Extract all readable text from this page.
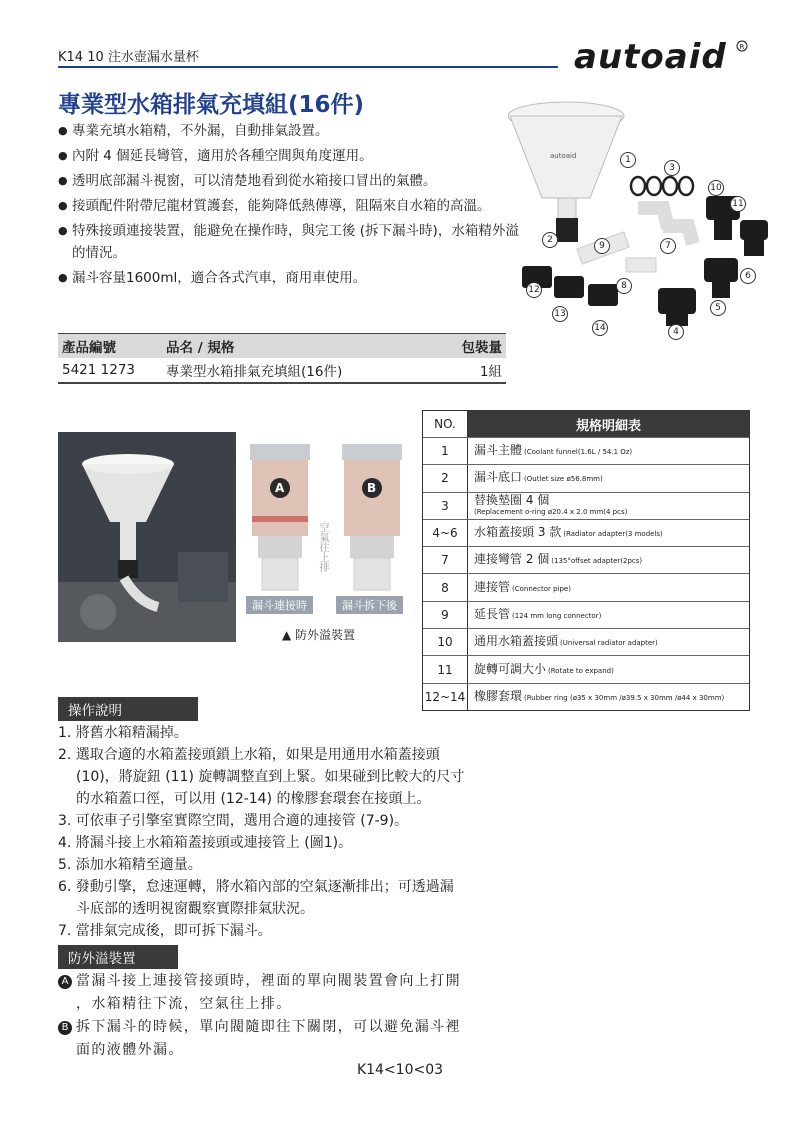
K14 10 注水壺漏水量杯	autoaid R
專業型水箱排氣充填組(16件)
● 專業充填水箱精，不外漏，自動排氣設置。
● 內附 4 個延長彎管，適用於各種空間與角度運用。
● 透明底部漏斗視窗，可以清楚地看到從水箱接口冒出的氣體。
● 接頭配件附帶尼龍材質護套，能夠降低熱傳導，阻隔來自水箱的高溫。
● 特殊接頭連接裝置，能避免在操作時，與完工後 (拆下漏斗時)，水箱精外溢的情況。
● 漏斗容量1600ml，適合各式汽車，商用車使用。
產品編號	品名 / 規格	包裝量
5421 1273	專業型水箱排氣充填組(16件)	1組
autoaid	1
2
3
4
5
6
7
8
9
10
11
12
13
14
A	B
空氣往上排
漏斗連接時	漏斗拆下後
▲ 防外溢裝置
NO.	規格明細表
1	漏斗主體 (Coolant funnel(1.6L / 54.1 Oz)
2	漏斗底口 (Outlet size ø56.8mm)
3	替換墊圈 4 個
(Replacement o-ring ø20.4 x 2.0 mm(4 pcs)
4~6	水箱蓋接頭 3 款 (Radiator adapter(3 models)
7	連接彎管 2 個 (135°offset adapter(2pcs)
8	連接管 (Connector pipe)
9	延長管 (124 mm long connector)
10	通用水箱蓋接頭 (Universal radiator adapter)
11	旋轉可調大小 (Rotate to expand)
12~14 橡膠套環 (Rubber ring (ø35 x 30mm /ø39.5 x 30mm /ø44 x 30mm)
操作說明
1. 將舊水箱精漏掉。
2. 選取合適的水箱蓋接頭鎖上水箱，如果是用通用水箱蓋接頭
(10)，將旋鈕 (11) 旋轉調整直到上緊。如果碰到比較大的尺寸
的水箱蓋口徑，可以用 (12-14) 的橡膠套環套在接頭上。
3. 可依車子引擎室實際空間，選用合適的連接管 (7-9)。
4. 將漏斗接上水箱箱蓋接頭或連接管上 (圖1)。
5. 添加水箱精至適量。
6. 發動引擎，怠速運轉，將水箱內部的空氣逐漸排出；可透過漏
斗底部的透明視窗觀察實際排氣狀況。
7. 當排氣完成後，即可拆下漏斗。
防外溢裝置
A 當漏斗接上連接管接頭時，裡面的單向閥裝置會向上打開
，水箱精往下流，空氣往上排。
B 拆下漏斗的時候，單向閥隨即往下關閉，可以避免漏斗裡
面的液體外漏。
K14<10<03
